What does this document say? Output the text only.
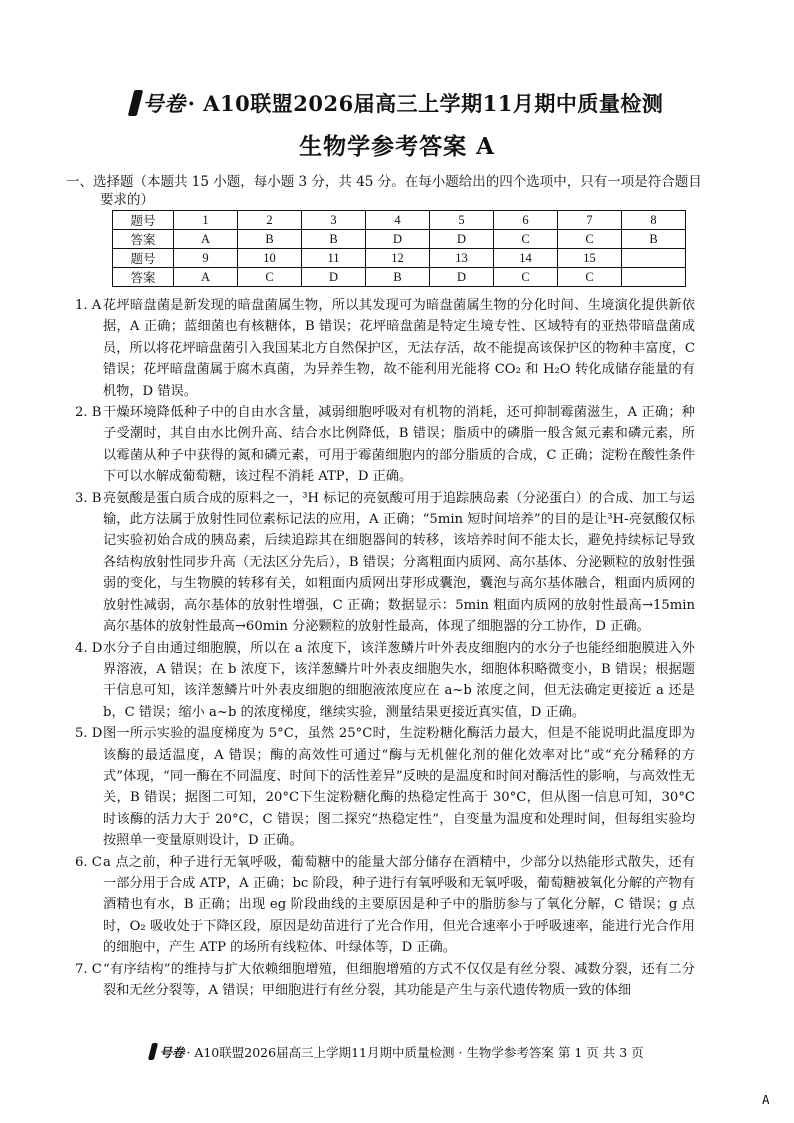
号卷· A10联盟2026届高三上学期11月期中质量检测
生物学参考答案 A
一、选择题（本题共 15 小题，每小题 3 分，共 45 分。在每小题给出的四个选项中，只有一项是符合题目
要求的）
题号	1	2	3	4	5	6	7	8
答案	A	B	B	D	D	C	C	B
题号	9	10	11	12	13	14	15	
答案	A	C	D	B	D	C	C	
1. A 花坪暗盘菌是新发现的暗盘菌属生物，所以其发现可为暗盘菌属生物的分化时间、生境演化提供新依据，A 正确；蓝细菌也有核糖体，B 错误；花坪暗盘菌是特定生境专性、区域特有的亚热带暗盘菌成员，所以将花坪暗盘菌引入我国某北方自然保护区，无法存活，故不能提高该保护区的物种丰富度，C 错误；花坪暗盘菌属于腐木真菌，为异养生物，故不能利用光能将 CO₂ 和 H₂O 转化成储存能量的有机物，D 错误。
2. B 干燥环境降低种子中的自由水含量，减弱细胞呼吸对有机物的消耗，还可抑制霉菌滋生，A 正确；种子受潮时，其自由水比例升高、结合水比例降低，B 错误；脂质中的磷脂一般含氮元素和磷元素，所以霉菌从种子中获得的氮和磷元素，可用于霉菌细胞内的部分脂质的合成，C 正确；淀粉在酸性条件下可以水解成葡萄糖，该过程不消耗 ATP，D 正确。
3. B 亮氨酸是蛋白质合成的原料之一，³H 标记的亮氨酸可用于追踪胰岛素（分泌蛋白）的合成、加工与运输，此方法属于放射性同位素标记法的应用，A 正确；“5min 短时间培养”的目的是让³H-亮氨酸仅标记实验初始合成的胰岛素，后续追踪其在细胞器间的转移，该培养时间不能太长，避免持续标记导致各结构放射性同步升高（无法区分先后），B 错误；分离粗面内质网、高尔基体、分泌颗粒的放射性强弱的变化，与生物膜的转移有关，如粗面内质网出芽形成囊泡，囊泡与高尔基体融合，粗面内质网的放射性减弱，高尔基体的放射性增强，C 正确；数据显示：5min 粗面内质网的放射性最高→15min 高尔基体的放射性最高→60min 分泌颗粒的放射性最高，体现了细胞器的分工协作，D 正确。
4. D 水分子自由通过细胞膜，所以在 a 浓度下，该洋葱鳞片叶外表皮细胞内的水分子也能经细胞膜进入外界溶液，A 错误；在 b 浓度下，该洋葱鳞片叶外表皮细胞失水，细胞体积略微变小，B 错误；根据题干信息可知，该洋葱鳞片叶外表皮细胞的细胞液浓度应在 a~b 浓度之间，但无法确定更接近 a 还是 b，C 错误；缩小 a~b 的浓度梯度，继续实验，测量结果更接近真实值，D 正确。
5. D 图一所示实验的温度梯度为 5°C，虽然 25°C时，生淀粉糖化酶活力最大，但是不能说明此温度即为该酶的最适温度，A 错误；酶的高效性可通过“酶与无机催化剂的催化效率对比”或“充分稀释的方式”体现，“同一酶在不同温度、时间下的活性差异”反映的是温度和时间对酶活性的影响，与高效性无关，B 错误；据图二可知，20°C下生淀粉糖化酶的热稳定性高于 30°C，但从图一信息可知，30°C时该酶的活力大于 20°C，C 错误；图二探究“热稳定性”，自变量为温度和处理时间，但每组实验均按照单一变量原则设计，D 正确。
6. C a 点之前，种子进行无氧呼吸，葡萄糖中的能量大部分储存在酒精中，少部分以热能形式散失，还有一部分用于合成 ATP，A 正确；bc 阶段，种子进行有氧呼吸和无氧呼吸，葡萄糖被氧化分解的产物有酒精也有水，B 正确；出现 eg 阶段曲线的主要原因是种子中的脂肪参与了氧化分解，C 错误；g 点时，O₂ 吸收处于下降区段，原因是幼苗进行了光合作用，但光合速率小于呼吸速率，能进行光合作用的细胞中，产生 ATP 的场所有线粒体、叶绿体等，D 正确。
7. C “有序结构”的维持与扩大依赖细胞增殖，但细胞增殖的方式不仅仅是有丝分裂、减数分裂，还有二分裂和无丝分裂等，A 错误；甲细胞进行有丝分裂，其功能是产生与亲代遗传物质一致的体细
号卷 · A10联盟2026届高三上学期11月期中质量检测 · 生物学参考答案 第 1 页 共 3 页
A
